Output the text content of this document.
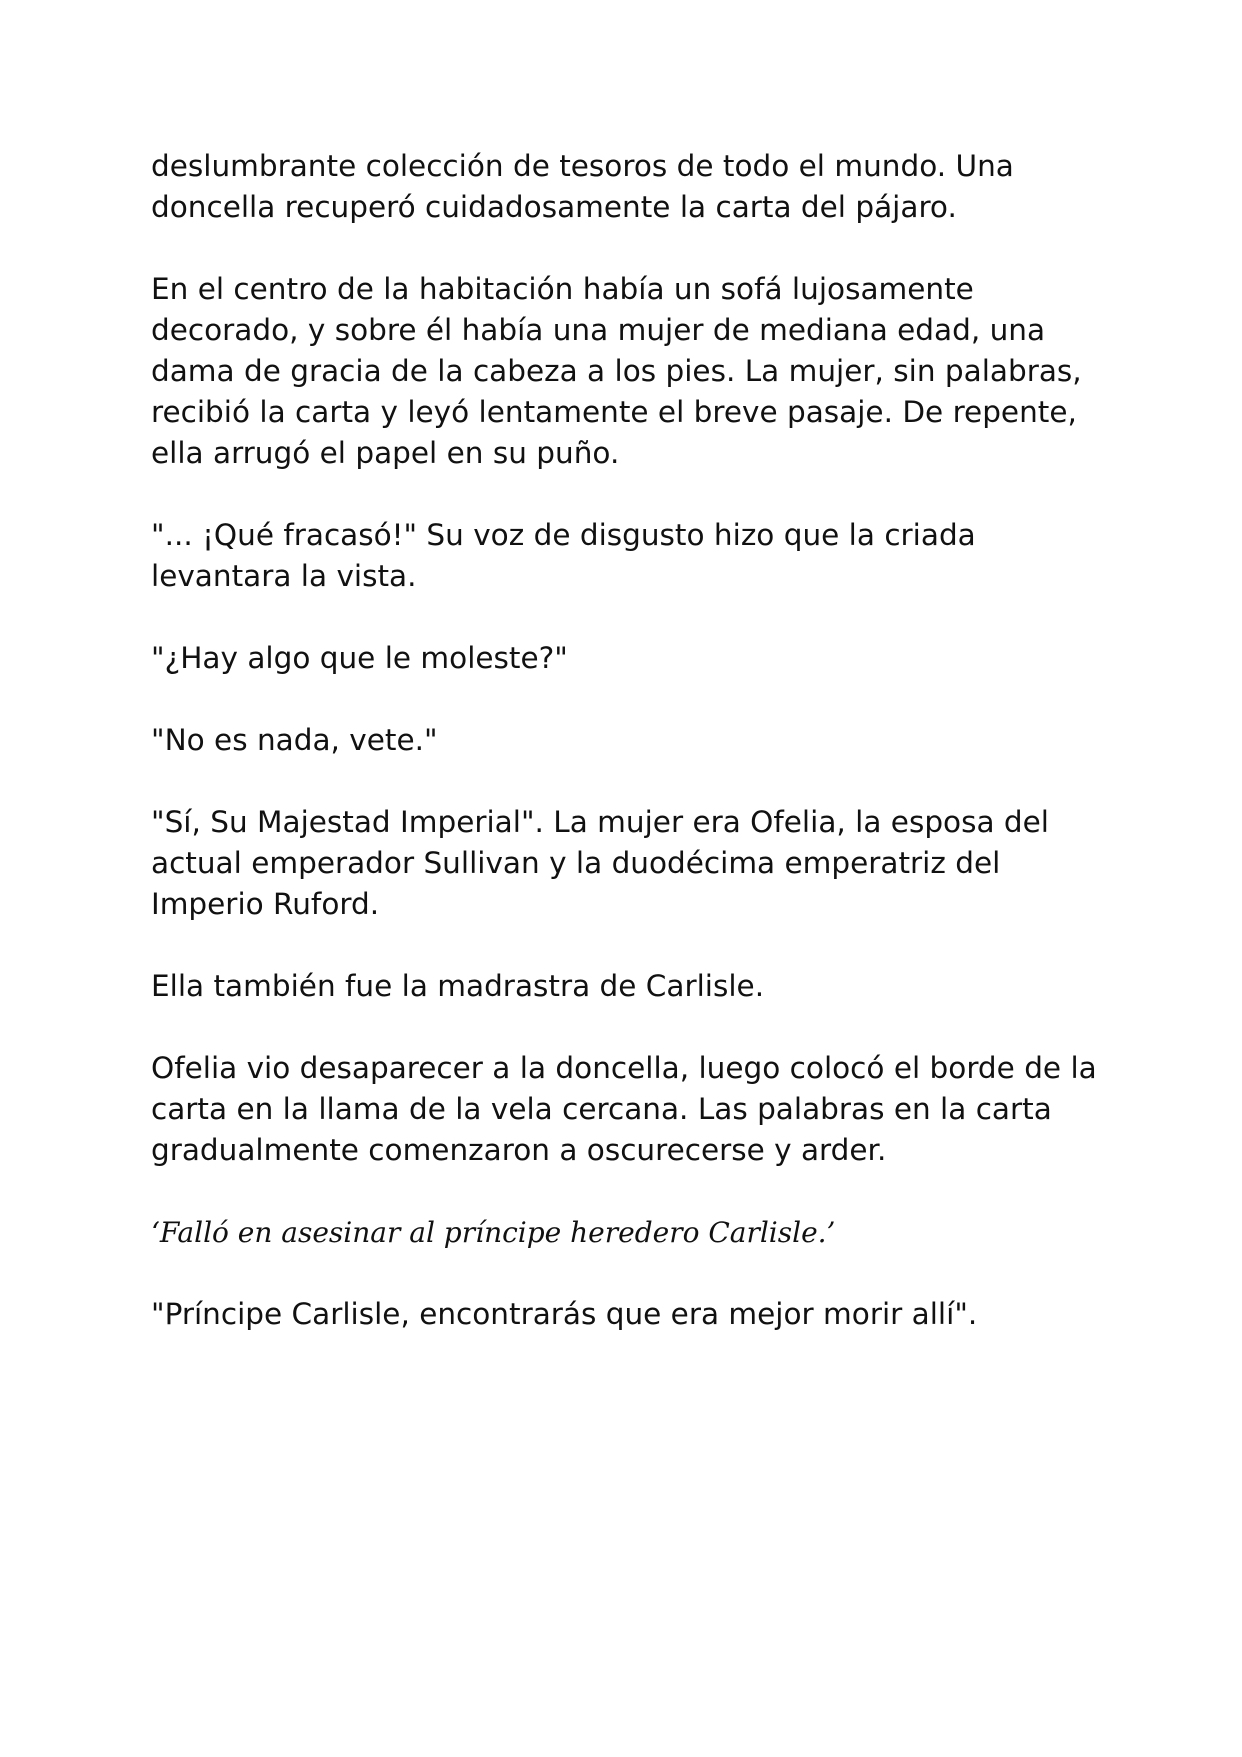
deslumbrante colección de tesoros de todo el mundo. Una
doncella recuperó cuidadosamente la carta del pájaro.

En el centro de la habitación había un sofá lujosamente
decorado, y sobre él había una mujer de mediana edad, una
dama de gracia de la cabeza a los pies. La mujer, sin palabras,
recibió la carta y leyó lentamente el breve pasaje. De repente,
ella arrugó el papel en su puño.

"... ¡Qué fracasó!" Su voz de disgusto hizo que la criada
levantara la vista.

"¿Hay algo que le moleste?"

"No es nada, vete."

"Sí, Su Majestad Imperial". La mujer era Ofelia, la esposa del
actual emperador Sullivan y la duodécima emperatriz del
Imperio Ruford.

Ella también fue la madrastra de Carlisle.

Ofelia vio desaparecer a la doncella, luego colocó el borde de la
carta en la llama de la vela cercana. Las palabras en la carta
gradualmente comenzaron a oscurecerse y arder.

‘Falló en asesinar al príncipe heredero Carlisle.’

"Príncipe Carlisle, encontrarás que era mejor morir allí".
